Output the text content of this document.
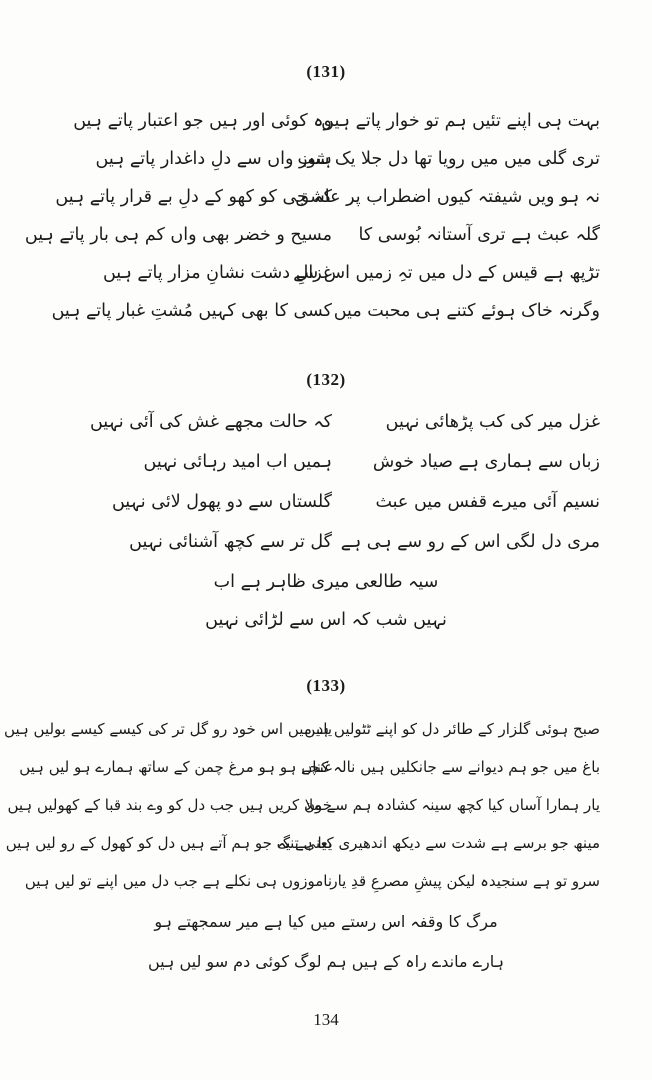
(131)
بہت ہی اپنے تئیں ہم تو خوار پاتے ہیں
وہ کوئی اور ہیں جو اعتبار پاتے ہیں
تری گلی میں میں رویا تھا دل جلا یک شب
ہنوز واں سے دلِ داغدار پاتے ہیں
نہ ہو ویں شیفتہ کیوں اضطراب پر عاشق
کہ جی کو کھو کے دلِ بے قرار پاتے ہیں
گلہ عبث ہے تری آستانہ بُوسی کا
مسیح و خضر بھی واں کم ہی بار پاتے ہیں
تڑپھ ہے قیس کے دل میں تہِ زمیں اس سے
غزالِ دشت نشانِ مزار پاتے ہیں
وگرنہ خاک ہوئے کتنے ہی محبت میں
کسی کا بھی کہیں مُشتِ غبار پاتے ہیں
(132)
غزل میر کی کب پڑھائی نہیں
کہ حالت مجھے غش کی آئی نہیں
زباں سے ہماری ہے صیاد خوش
ہمیں اب امید رہائی نہیں
نسیم آئی میرے قفس میں عبث
گلستاں سے دو پھول لائی نہیں
مری دل لگی اس کے رو سے ہی ہے
گل تر سے کچھ آشنائی نہیں
سیہ طالعی میری ظاہر ہے اب
نہیں شب کہ اس سے لڑائی نہیں
(133)
صبح ہوئی گلزار کے طائر دل کو اپنے ٹٹولیں ہیں
یاد میں اس خود رو گل تر کی کیسے کیسے بولیں ہیں
باغ میں جو ہم دیوانے سے جانکلیں ہیں نالہ کناں
غنچے ہو ہو مرغ چمن کے ساتھ ہمارے ہو لیں ہیں
یار ہمارا آساں کیا کچھ سینہ کشادہ ہم سے ملا
خون کریں ہیں جب دل کو وے بند قبا کے کھولیں ہیں
مینھ جو برسے ہے شدت سے دیکھ اندھیری کیا ہے یہ
یعنی تنگ جو ہم آتے ہیں دل کو کھول کے رو لیں ہیں
سرو تو ہے سنجیدہ لیکن پیشِ مصرعِ قدِ یار
ناموزوں ہی نکلے ہے جب دل میں اپنے تو لیں ہیں
مرگ کا وقفہ اس رستے میں کیا ہے میر سمجھتے ہو
ہارے ماندے راہ کے ہیں ہم لوگ کوئی دم سو لیں ہیں
134
